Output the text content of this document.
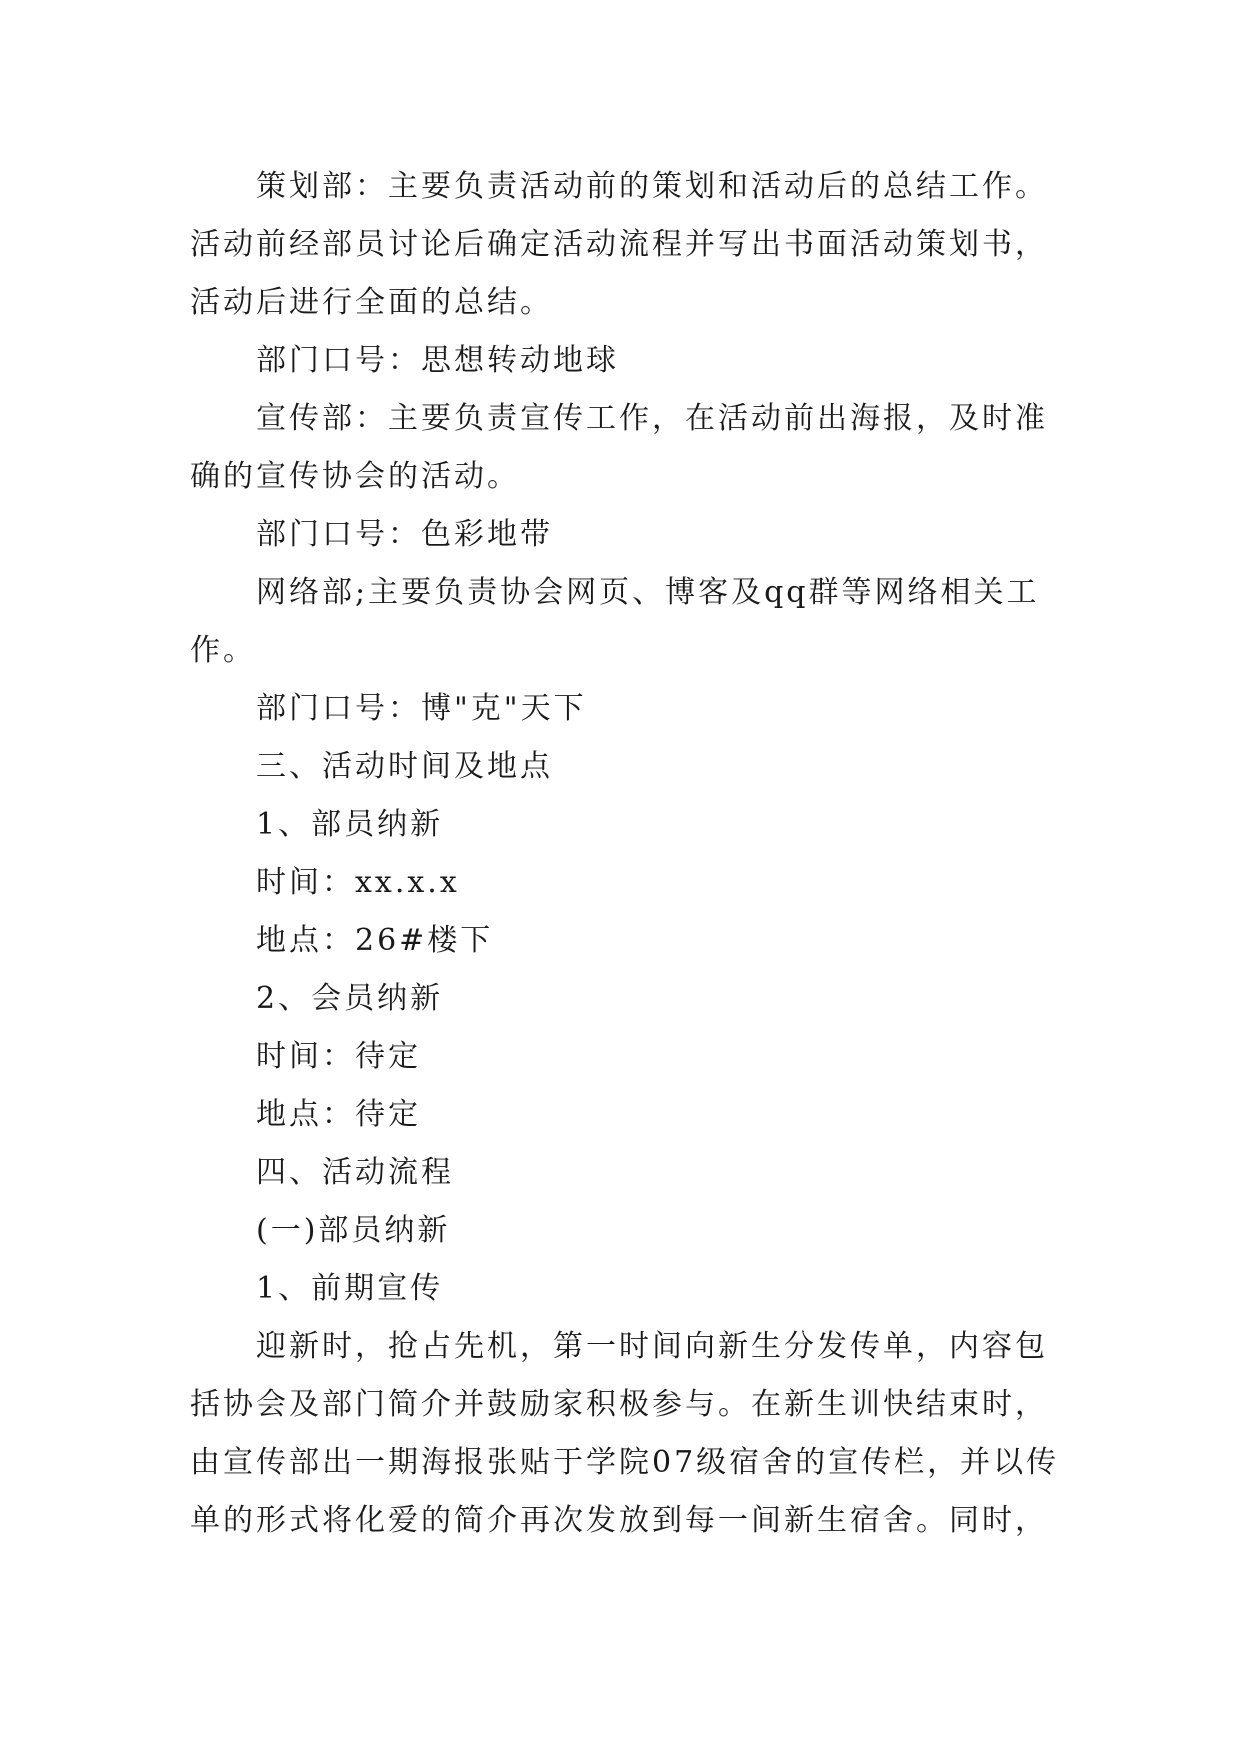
策划部：主要负责活动前的策划和活动后的总结工作。活动前经部员讨论后确定活动流程并写出书面活动策划书，活动后进行全面的总结。

部门口号：思想转动地球

宣传部：主要负责宣传工作，在活动前出海报，及时准确的宣传协会的活动。

部门口号：色彩地带

网络部;主要负责协会网页、博客及qq群等网络相关工作。

部门口号：博"克"天下

三、活动时间及地点

1、部员纳新

时间：xx.x.x

地点：26#楼下

2、会员纳新

时间：待定

地点：待定

四、活动流程

(一)部员纳新

1、前期宣传

迎新时，抢占先机，第一时间向新生分发传单，内容包括协会及部门简介并鼓励家积极参与。在新生训快结束时，由宣传部出一期海报张贴于学院07级宿舍的宣传栏，并以传单的形式将化爱的简介再次发放到每一间新生宿舍。同时，
